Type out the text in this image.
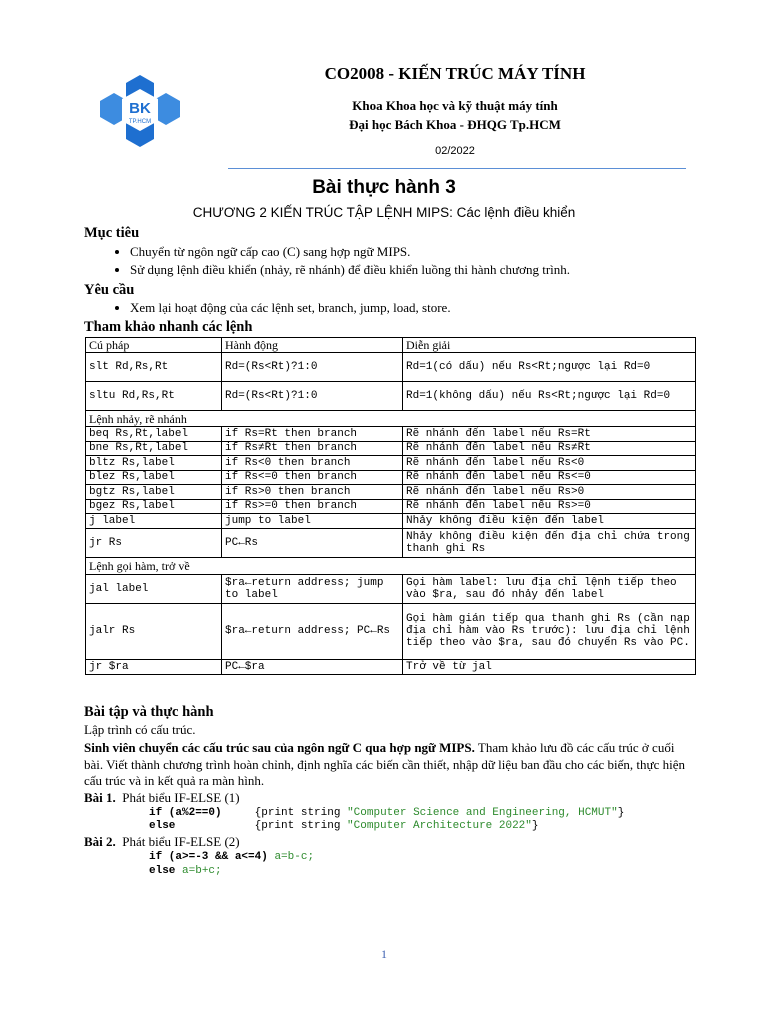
BK
TP.HCM
CO2008 - KIẾN TRÚC MÁY TÍNH
Khoa Khoa học và kỹ thuật máy tính
Đại học Bách Khoa - ĐHQG Tp.HCM
02/2022
Bài thực hành 3
CHƯƠNG 2 KIẾN TRÚC TẬP LỆNH MIPS: Các lệnh điều khiển
Mục tiêu
• Chuyển từ ngôn ngữ cấp cao (C) sang hợp ngữ MIPS.
• Sử dụng lệnh điều khiển (nhảy, rẽ nhánh) để điều khiển luồng thi hành chương trình.
Yêu cầu
• Xem lại hoạt động của các lệnh set, branch, jump, load, store.
Tham khảo nhanh các lệnh
Cú pháp	Hành động	Diễn giải
slt Rd,Rs,Rt	Rd=(Rs<Rt)?1:0	Rd=1(có dấu) nếu Rs<Rt;ngược lại Rd=0
sltu Rd,Rs,Rt	Rd=(Rs<Rt)?1:0	Rd=1(không dấu) nếu Rs<Rt;ngược lại Rd=0
Lệnh nhảy, rẽ nhánh		
beq Rs,Rt,label	if Rs=Rt then branch	Rẽ nhánh đến label nếu Rs=Rt
bne Rs,Rt,label	if Rs≠Rt then branch	Rẽ nhánh đến label nếu Rs≠Rt
bltz Rs,label	if Rs<0 then branch	Rẽ nhánh đến label nếu Rs<0
blez Rs,label	if Rs<=0 then branch	Rẽ nhánh đến label nếu Rs<=0
bgtz Rs,label	if Rs>0 then branch	Rẽ nhánh đến label nếu Rs>0
bgez Rs,label	if Rs>=0 then branch	Rẽ nhánh đến label nếu Rs>=0
j label	jump to label	Nhảy không điều kiện đến label
jr Rs	PC←Rs	Nhảy không điều kiện đến địa chỉ chứa trong thanh ghi Rs
Lệnh gọi hàm, trở về		
jal label	$ra←return address; jump to label	Gọi hàm label: lưu địa chỉ lệnh tiếp theo vào $ra, sau đó nhảy đến label
jalr Rs	$ra←return address; PC←Rs	Gọi hàm gián tiếp qua thanh ghi Rs (cần nạp địa chỉ hàm vào Rs trước): lưu địa chỉ lệnh tiếp theo vào $ra, sau đó chuyển Rs vào PC.
jr $ra	PC←$ra	Trở về từ jal
Bài tập và thực hành
Lập trình có cấu trúc.
Sinh viên chuyển các cấu trúc sau của ngôn ngữ C qua hợp ngữ MIPS. Tham khảo lưu đồ các cấu trúc ở cuối bài. Viết thành chương trình hoàn chỉnh, định nghĩa các biến cần thiết, nhập dữ liệu ban đầu cho các biến, thực hiện cấu trúc và in kết quả ra màn hình.
Bài 1. Phát biểu IF-ELSE (1)
if (a%2==0)	{print string "Computer Science and Engineering, HCMUT"}
else	{print string "Computer Architecture 2022"}
Bài 2. Phát biểu IF-ELSE (2)
if (a>=-3 && a<=4) a=b-c;
else a=b+c;
1
